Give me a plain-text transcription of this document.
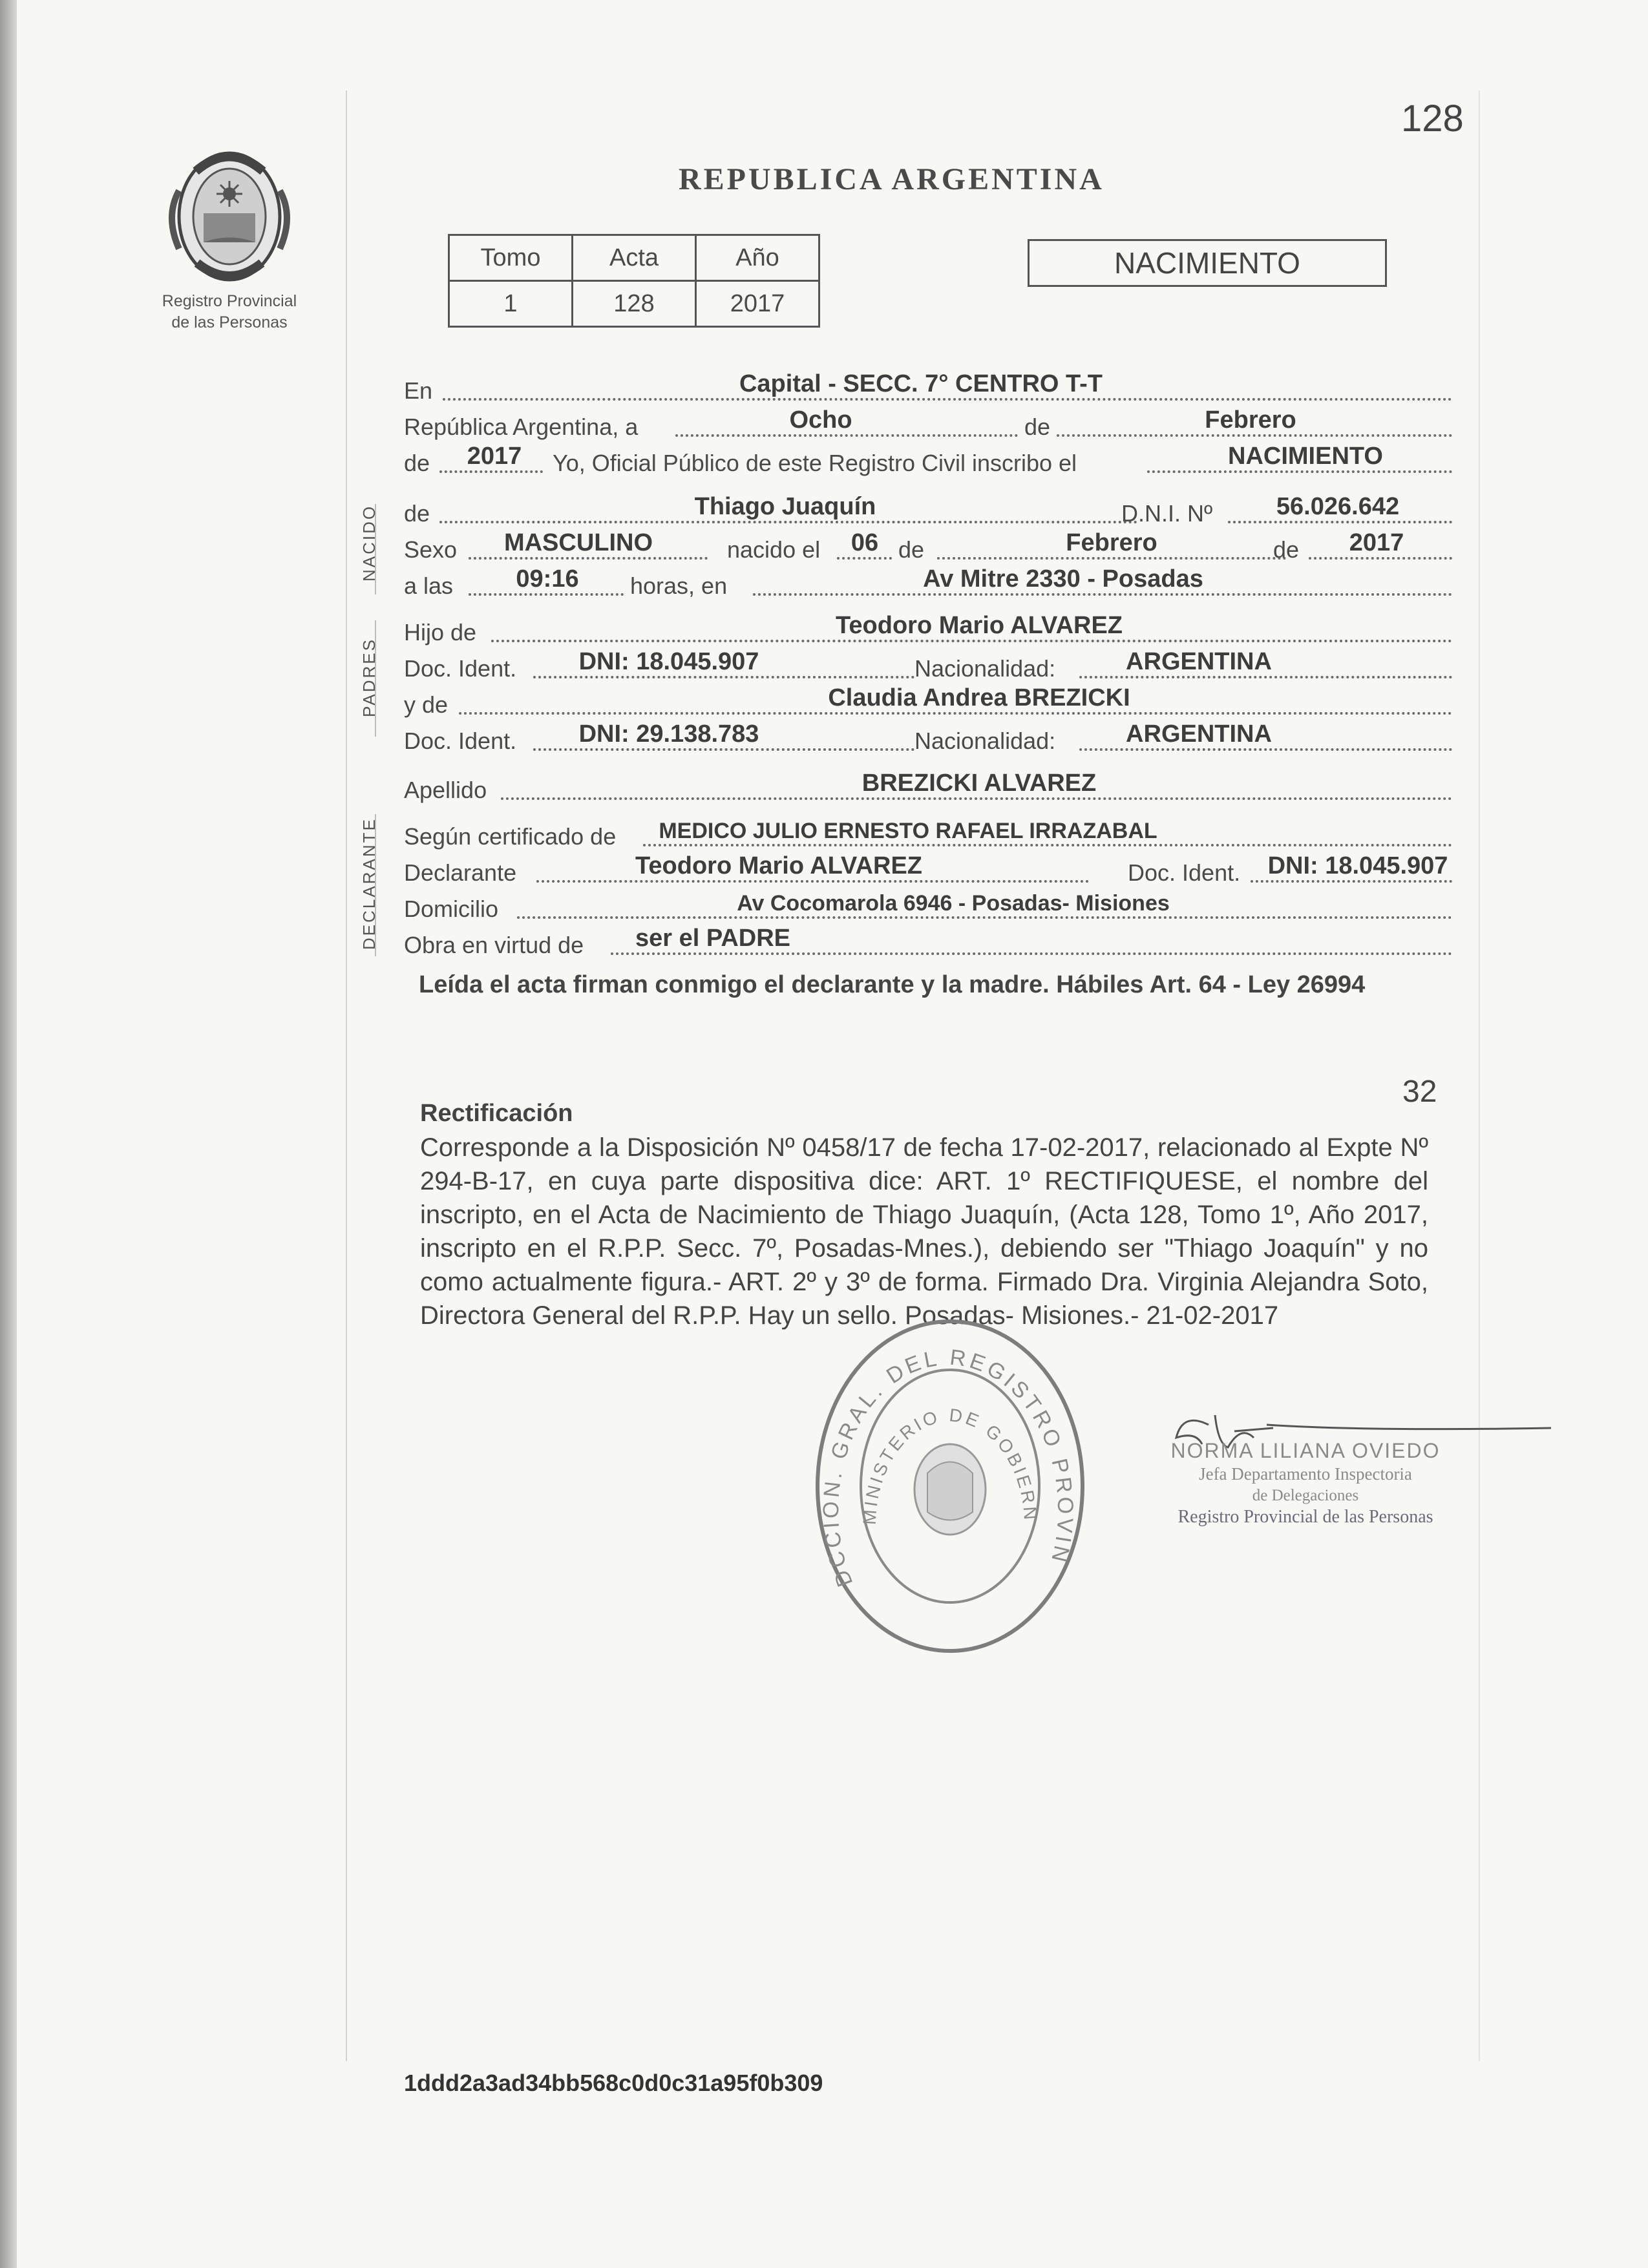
Registro Provincial
de las Personas
128
REPUBLICA ARGENTINA
Tomo	Acta	Año
1	128	2017
NACIMIENTO
NACIDO
PADRES
DECLARANTE
En	Capital - SECC. 7° CENTRO T-T
República Argentina, a	Ocho	de	Febrero
de 2017 Yo, Oficial Público de este Registro Civil inscribo el	NACIMIENTO
de	Thiago Juaquín	D.N.I. Nº	56.026.642
Sexo MASCULINO	nacido el 06 de	Febrero	de 2017
a las	09:16 horas, en	Av Mitre 2330 - Posadas
Hijo de	Teodoro Mario ALVAREZ
Doc. Ident.	DNI: 18.045.907	Nacionalidad:	ARGENTINA
y de	Claudia Andrea BREZICKI
Doc. Ident.	DNI: 29.138.783	Nacionalidad:	ARGENTINA
Apellido	BREZICKI ALVAREZ
Según certificado de MEDICO JULIO ERNESTO RAFAEL IRRAZABAL
Declarante	Teodoro Mario ALVAREZ	Doc. Ident. DNI: 18.045.907
Domicilio	Av Cocomarola 6946 - Posadas- Misiones
Obra en virtud de ser el PADRE
Leída el acta firman conmigo el declarante y la madre. Hábiles Art. 64 - Ley 26994
32
Rectificación
Corresponde a la Disposición Nº 0458/17 de fecha 17-02-2017, relacionado al Expte Nº 294-B-17, en cuya parte dispositiva dice: ART. 1º RECTIFIQUESE, el nombre del inscripto, en el Acta de Nacimiento de Thiago Juaquín, (Acta 128, Tomo 1º, Año 2017, inscripto en el R.P.P. Secc. 7º, Posadas-Mnes.), debiendo ser "Thiago Joaquín" y no como actualmente figura.- ART. 2º y 3º de forma. Firmado Dra. Virginia Alejandra Soto, Directora General del R.P.P. Hay un sello. Posadas- Misiones.- 21-02-2017
DCCION. GRAL. DEL REGISTRO PROVIN
MINISTERIO DE GOBIERN
NORMA LILIANA OVIEDO
Jefa Departamento Inspectoria
de Delegaciones
Registro Provincial de las Personas
1ddd2a3ad34bb568c0d0c31a95f0b309
